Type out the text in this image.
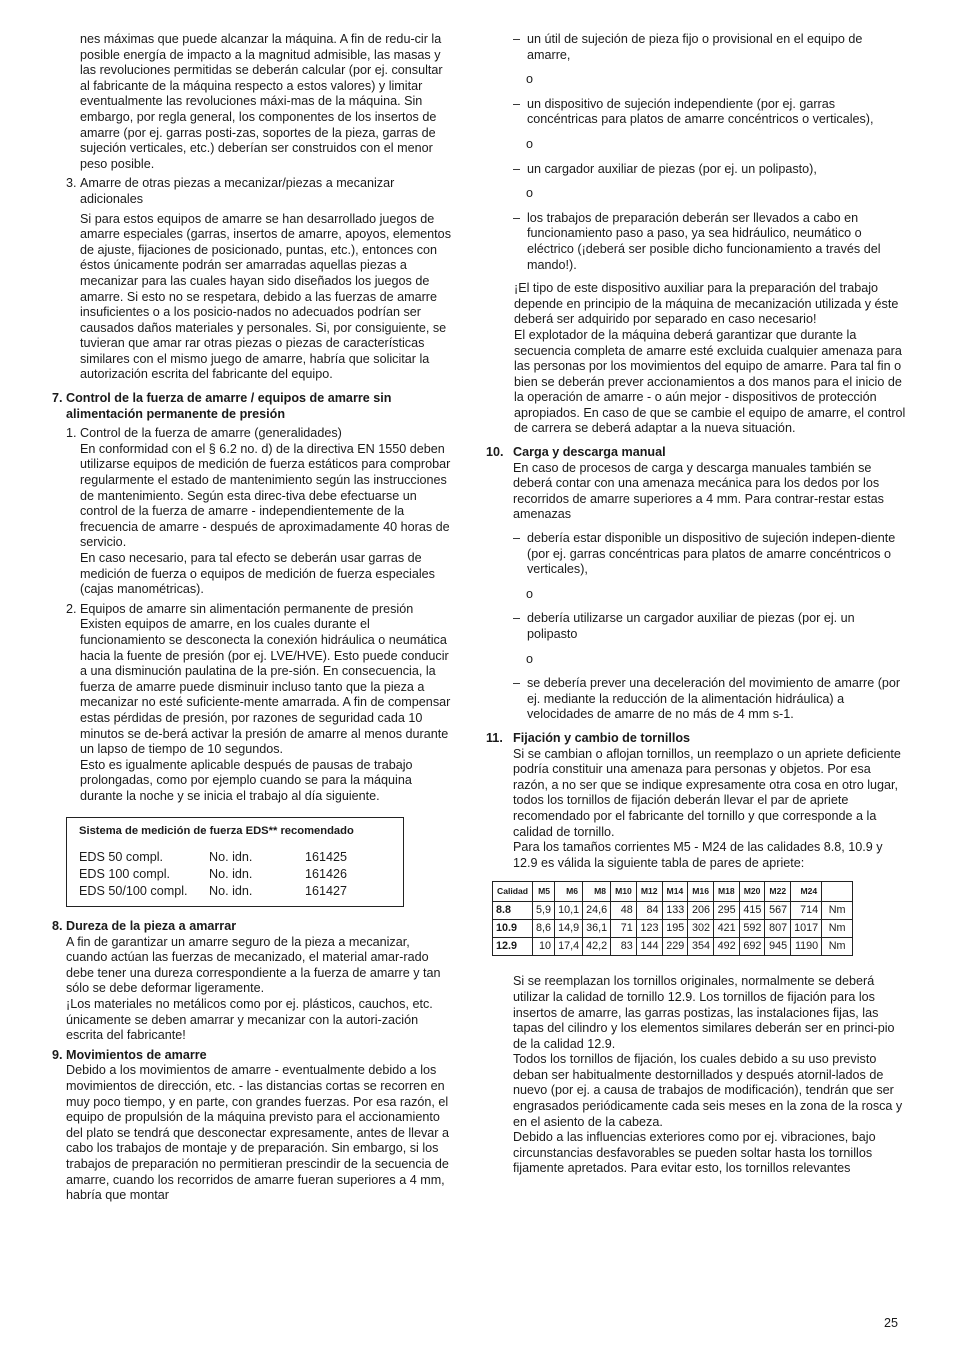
nes máximas que puede alcanzar la máquina. A fin de redu-cir la posible energía de impacto a la magnitud admisible, las masas y las revoluciones permitidas se deberán calcular (por ej. consultar al fabricante de la máquina respecto a estos valores) y limitar eventualmente las revoluciones máxi-mas de la máquina. Sin embargo, por regla general, los componentes de los insertos de amarre (por ej. garras posti-zas, soportes de la pieza, garras de sujeción verticales, etc.) deberían ser construidos con el menor peso posible.

3. Amarre de otras piezas a mecanizar/piezas a mecanizar adicionales

Si para estos equipos de amarre se han desarrollado juegos de amarre especiales (garras, insertos de amarre, apoyos, elementos de ajuste, fijaciones de posicionado, puntas, etc.), entonces con éstos únicamente podrán ser amarradas aquellas piezas a mecanizar para las cuales hayan sido diseñados los juegos de amarre. Si esto no se respetara, debido a las fuerzas de amarre insuficientes o a los posicio-nados no adecuados podrían ser causados daños materiales y personales. Si, por consiguiente, se tuvieran que amar rar otras piezas o piezas de características similares con el mismo juego de amarre, habría que solicitar la autorización escrita del fabricante del equipo.

7. Control de la fuerza de amarre / equipos de amarre sin alimentación permanente de presión
1. Control de la fuerza de amarre (generalidades)

En conformidad con el § 6.2 no. d) de la directiva EN 1550 deben utilizarse equipos de medición de fuerza estáticos para comprobar regularmente el estado de mantenimiento según las instrucciones de mantenimiento. Según esta direc-tiva debe efectuarse un control de la fuerza de amarre - independientemente de la frecuencia de amarre - después de aproximadamente 40 horas de servicio.

En caso necesario, para tal efecto se deberán usar garras de medición de fuerza o equipos de medición de fuerza especiales (cajas manométricas).

2. Equipos de amarre sin alimentación permanente de presión

Existen equipos de amarre, en los cuales durante el funcionamiento se desconecta la conexión hidráulica o neumática hacia la fuente de presión (por ej. LVE/HVE). Esto puede conducir a una disminución paulatina de la pre-sión. En consecuencia, la fuerza de amarre puede disminuir incluso tanto que la pieza a mecanizar no esté suficiente-mente amarrada. A fin de compensar estas pérdidas de presión, por razones de seguridad cada 10 minutos se de-berá activar la presión de amarre al menos durante un lapso de tiempo de 10 segundos.

Esto es igualmente aplicable después de pausas de trabajo prolongadas, como por ejemplo cuando se para la máquina durante la noche y se inicia el trabajo al día siguiente.

Sistema de medición de fuerza EDS** recomendado
EDS 50 compl.	No. idn.	161425
EDS 100 compl.	No. idn.	161426
EDS 50/100 compl.	No. idn.	161427
8. Dureza de la pieza a amarrar

A fin de garantizar un amarre seguro de la pieza a mecanizar, cuando actúan las fuerzas de mecanizado, el material amar-rado debe tener una dureza correspondiente a la fuerza de amarre y tan sólo se debe deformar ligeramente.

¡Los materiales no metálicos como por ej. plásticos, cauchos, etc. únicamente se deben amarrar y mecanizar con la autori-zación escrita del fabricante!

9. Movimientos de amarre

Debido a los movimientos de amarre - eventualmente debido a los movimientos de dirección, etc. - las distancias cortas se recorren en muy poco tiempo, y en parte, con grandes fuerzas. Por esa razón, el equipo de propulsión de la máquina previsto para el accionamiento del plato se tendrá que desconectar expresamente, antes de llevar a cabo los trabajos de montaje y de preparación. Sin embargo, si los trabajos de preparación no permitieran prescindir de la secuencia de amarre, cuando los recorridos de amarre fueran superiores a 4 mm, habría que montar

– un útil de sujeción de pieza fijo o provisional en el equipo de amarre,

o

– un dispositivo de sujeción independiente (por ej. garras concéntricas para platos de amarre concéntricos o verticales),

o

– un cargador auxiliar de piezas (por ej. un polipasto),

o

– los trabajos de preparación deberán ser llevados a cabo en funcionamiento paso a paso, ya sea hidráulico, neumático o eléctrico (¡deberá ser posible dicho funcionamiento a través del mando!).

¡El tipo de este dispositivo auxiliar para la preparación del trabajo depende en principio de la máquina de mecanización utilizada y éste deberá ser adquirido por separado en caso necesario!

El explotador de la máquina deberá garantizar que durante la secuencia completa de amarre esté excluida cualquier amenaza para las personas por los movimientos del equipo de amarre. Para tal fin o bien se deberán prever accionamientos a dos manos para el inicio de la operación de amarre - o aún mejor - dispositivos de protección apropiados. En caso de que se cambie el equipo de amarre, el control de carrera se deberá adaptar a la nueva situación.

10. Carga y descarga manual

En caso de procesos de carga y descarga manuales también se deberá contar con una amenaza mecánica para los dedos por los recorridos de amarre superiores a 4 mm. Para contrar-restar estas amenazas

– debería estar disponible un dispositivo de sujeción indepen-diente (por ej. garras concéntricas para platos de amarre concéntricos o verticales),

o

– debería utilizarse un cargador auxiliar de piezas (por ej. un polipasto

o

– se debería prever una deceleración del movimiento de amarre (por ej. mediante la reducción de la alimentación hidráulica) a velocidades de amarre de no más de 4 mm s-1.
11. Fijación y cambio de tornillos

Si se cambian o aflojan tornillos, un reemplazo o un apriete deficiente podría constituir una amenaza para personas y objetos. Por esa razón, a no ser que se indique expresamente otra cosa en otro lugar, todos los tornillos de fijación deberán llevar el par de apriete recomendado por el fabricante del tornillo y que corresponde a la calidad de tornillo.

Para los tamaños corrientes M5 - M24 de las calidades 8.8, 10.9 y 12.9 es válida la siguiente tabla de pares de apriete:

Calidad	M5	M6	M8	M10	M12	M14	M16	M18	M20	M22	M24	
8.8	5,9	10,1	24,6	48	84	133	206	295	415	567	714	Nm
10.9	8,6	14,9	36,1	71	123	195	302	421	592	807	1017	Nm
12.9	10	17,4	42,2	83	144	229	354	492	692	945	1190	Nm

Si se reemplazan los tornillos originales, normalmente se deberá utilizar la calidad de tornillo 12.9. Los tornillos de fijación para los insertos de amarre, las garras postizas, las instalaciones fijas, las tapas del cilindro y los elementos similares deberán ser en princi-pio de la calidad 12.9.

Todos los tornillos de fijación, los cuales debido a su uso previsto deban ser habitualmente destornillados y después atornil-lados de nuevo (por ej. a causa de trabajos de modificación), tendrán que ser engrasados periódicamente cada seis meses en la zona de la rosca y en el asiento de la cabeza.

Debido a las influencias exteriores como por ej. vibraciones, bajo circunstancias desfavorables se pueden soltar hasta los tornillos fijamente apretados. Para evitar esto, los tornillos relevantes

25
